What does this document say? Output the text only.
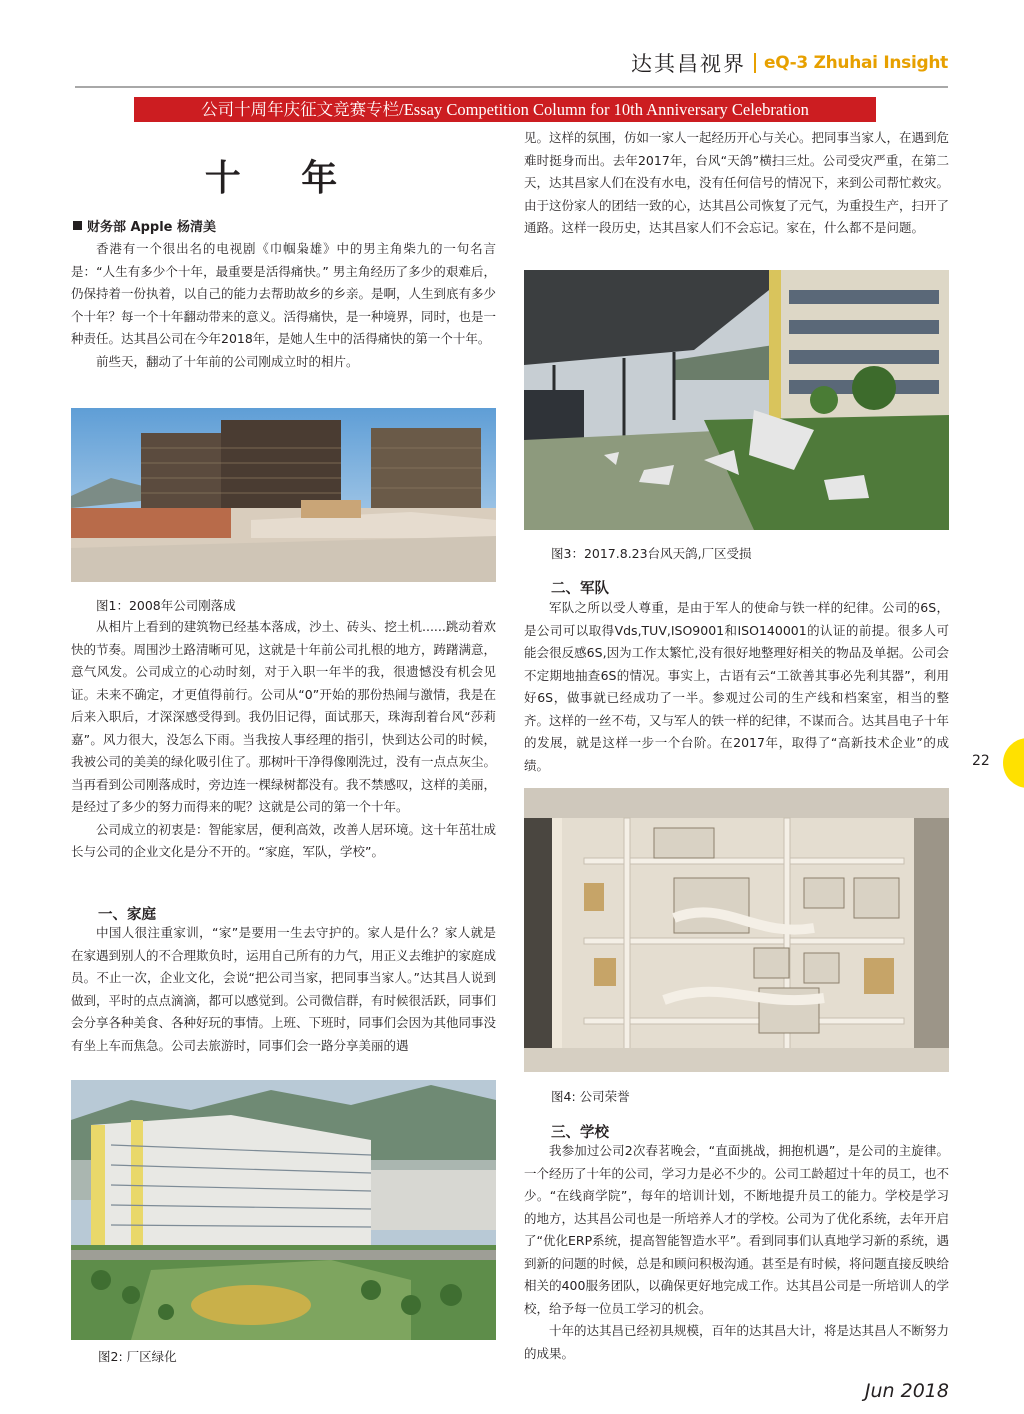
达其昌视界 eQ-3 Zhuhai Insight
公司十周年庆征文竞赛专栏/Essay Competition Column for 10th Anniversary Celebration
十 年
财务部 Apple 杨清美

香港有一个很出名的电视剧《巾帼枭雄》中的男主角柴九的一句名言是：“人生有多少个十年，最重要是活得痛快。” 男主角经历了多少的艰难后，仍保持着一份执着，以自己的能力去帮助故乡的乡亲。是啊，人生到底有多少个十年？每一个十年翻动带来的意义。活得痛快，是一种境界，同时，也是一种责任。达其昌公司在今年2018年，是她人生中的活得痛快的第一个十年。

前些天，翻动了十年前的公司刚成立时的相片。

图1：2008年公司刚落成

从相片上看到的建筑物已经基本落成，沙土、砖头、挖土机......跳动着欢快的节奏。周围沙土路清晰可见，这就是十年前公司扎根的地方，踌躇满意，意气风发。公司成立的心动时刻，对于入职一年半的我，很遗憾没有机会见证。未来不确定，才更值得前行。公司从“0”开始的那份热闹与激情，我是在后来入职后，才深深感受得到。我仍旧记得，面试那天，珠海刮着台风“莎莉嘉”。风力很大，没怎么下雨。当我按人事经理的指引，快到达公司的时候，我被公司的美美的绿化吸引住了。那树叶干净得像刚洗过，没有一点点灰尘。当再看到公司刚落成时，旁边连一棵绿树都没有。我不禁感叹，这样的美丽，是经过了多少的努力而得来的呢？这就是公司的第一个十年。

公司成立的初衷是：智能家居，便利高效，改善人居环境。这十年茁壮成长与公司的企业文化是分不开的。“家庭，军队，学校”。

一、家庭

中国人很注重家训，“家”是要用一生去守护的。家人是什么？家人就是在家遇到别人的不合理欺负时，运用自己所有的力气，用正义去维护的家庭成员。不止一次，企业文化，会说“把公司当家，把同事当家人。”达其昌人说到做到，平时的点点滴滴，都可以感觉到。公司微信群，有时候很活跃，同事们会分享各种美食、各种好玩的事情。上班、下班时，同事们会因为其他同事没有坐上车而焦急。公司去旅游时，同事们会一路分享美丽的遇

图2: 厂区绿化

见。这样的氛围，仿如一家人一起经历开心与关心。把同事当家人，在遇到危难时挺身而出。去年2017年，台风“天鸽”横扫三灶。公司受灾严重，在第二天，达其昌家人们在没有水电，没有任何信号的情况下，来到公司帮忙救灾。由于这份家人的团结一致的心，达其昌公司恢复了元气，为重投生产，扫开了通路。这样一段历史，达其昌家人们不会忘记。家在，什么都不是问题。

图3：2017.8.23台风天鸽,厂区受损
二、军队

军队之所以受人尊重，是由于军人的使命与铁一样的纪律。公司的6S，是公司可以取得Vds,TUV,ISO9001和ISO140001的认证的前提。很多人可能会很反感6S,因为工作太繁忙,没有很好地整理好相关的物品及单据。公司会不定期地抽查6S的情况。事实上，古语有云“工欲善其事必先利其器”，利用好6S，做事就已经成功了一半。参观过公司的生产线和档案室，相当的整齐。这样的一丝不苟，又与军人的铁一样的纪律，不谋而合。达其昌电子十年的发展，就是这样一步一个台阶。在2017年，取得了“高新技术企业”的成绩。

图4: 公司荣誉
三、学校

我参加过公司2次春茗晚会，“直面挑战，拥抱机遇”，是公司的主旋律。一个经历了十年的公司，学习力是必不少的。公司工龄超过十年的员工，也不少。“在线商学院”，每年的培训计划，不断地提升员工的能力。学校是学习的地方，达其昌公司也是一所培养人才的学校。公司为了优化系统，去年开启了“优化ERP系统，提高智能智造水平”。看到同事们认真地学习新的系统，遇到新的问题的时候，总是和顾问积极沟通。甚至是有时候，将问题直接反映给相关的400服务团队，以确保更好地完成工作。达其昌公司是一所培训人的学校，给予每一位员工学习的机会。

十年的达其昌已经初具规模，百年的达其昌大计，将是达其昌人不断努力的成果。

22
Jun 2018
